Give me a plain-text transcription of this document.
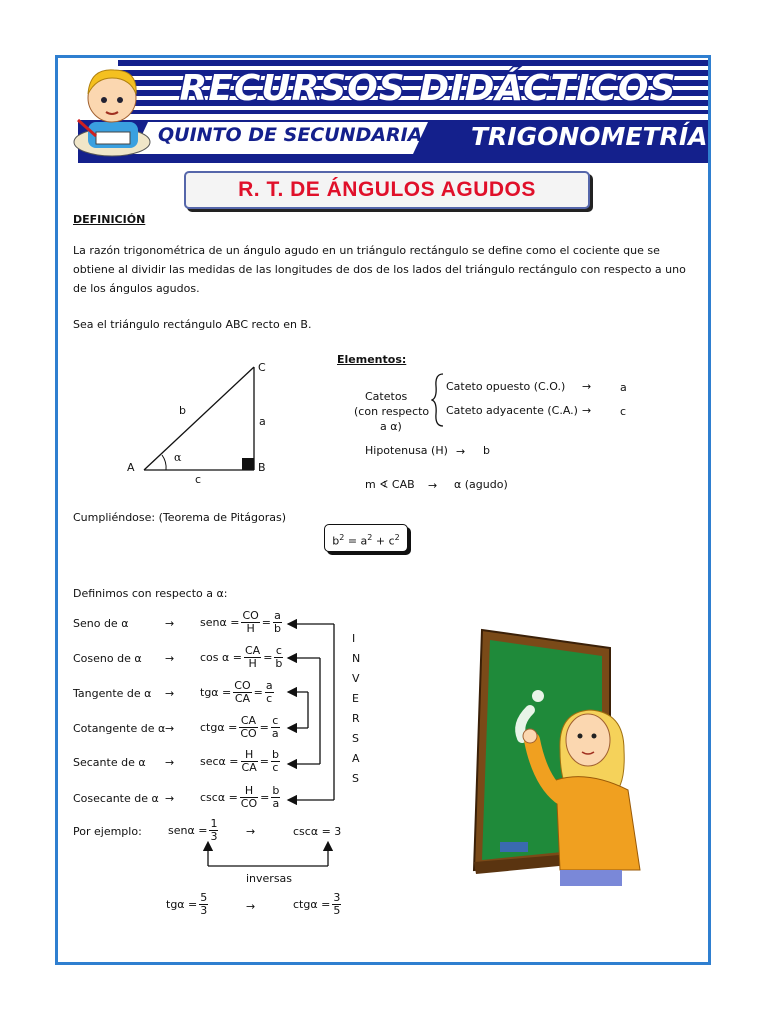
RECURSOS DIDÁCTICOS
QUINTO DE SECUNDARIA TRIGONOMETRÍA
R. T. DE ÁNGULOS AGUDOS
DEFINICIÓN
La razón trigonométrica de un ángulo agudo en un triángulo rectángulo se define como el cociente que se obtiene al dividir las medidas de las longitudes de dos de los lados del triángulo rectángulo con respecto a uno de los ángulos agudos.
Sea el triángulo rectángulo ABC recto en B.
A	B
C
a
b
c
α
Elementos:
Catetos
(con respecto
a α)
Cateto opuesto (C.O.) →	a
Cateto adyacente (C.A.) →	c
Hipotenusa (H) → b
m ∢ CAB → α (agudo)
Cumpliéndose: (Teorema de Pitágoras)
$b^2 = a^2 + c^2$
Definimos con respecto a α:
Seno de α	→ $sen\alpha = \frac{CO}{H} = \frac{a}{b}$
Coseno de $\alpha \to \cos \alpha = \frac{CA}{H} = \frac{c}{b}$
Tangente de $\alpha \to tg\alpha = \frac{CO}{CA} = \frac{a}{c}$
Cotangente de $\alpha \to ctg\alpha = \frac{CA}{CO} = \frac{c}{a}$
Secante de $\alpha \to \sec\alpha = \frac{H}{CA} = \frac{b}{c}$
Cosecante de $\alpha \to \csc\alpha = \frac{H}{CO} = \frac{b}{a}$
I
N
V
E
R
S
A
S
Por ejemplo: $sen\alpha = \frac{1}{3}$	→	cscα = 3
inversas
$tg\alpha = \frac{5}{3}$	→	$ctg\alpha = \frac{3}{5}$
